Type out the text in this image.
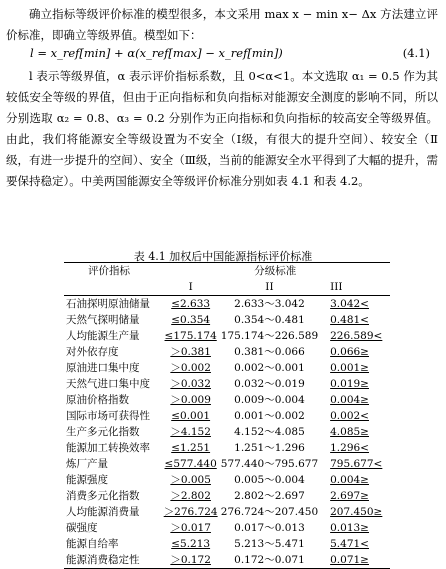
确立指标等级评价标准的模型很多，本文采用 max x − min x− Δx 方法建立评价标准，即确立等级界值。模型如下：
l = x_ref[min] + α(x_ref[max] − x_ref[min])	(4.1)
l 表示等级界值，α 表示评价指标系数，且 0<α<1。本文选取 α₁ = 0.5 作为其较低安全等级的界值，但由于正向指标和负向指标对能源安全测度的影响不同，所以分别选取 α₂ = 0.8、α₃ = 0.2 分别作为正向指标和负向指标的较高安全等级界值。由此，我们将能源安全等级设置为不安全（Ⅰ级，有很大的提升空间）、较安全（Ⅱ级，有进一步提升的空间）、安全（Ⅲ级，当前的能源安全水平得到了大幅的提升，需要保持稳定）。中美两国能源安全等级评价标准分别如表 4.1 和表 4.2。
表 4.1 加权后中国能源指标评价标准
评价指标	分级标准		
	I	II	III
石油探明原油储量	≤2.633	2.633～3.042	3.042<
天然气探明储量	≤0.354	0.354～0.481	0.481<
人均能源生产量	≤175.174	175.174～226.589	226.589<
对外依存度	＞0.381	0.381～0.066	0.066≥
原油进口集中度	＞0.002	0.002～0.001	0.001≥
天然气进口集中度	＞0.032	0.032～0.019	0.019≥
原油价格指数	＞0.009	0.009～0.004	0.004≥
国际市场可获得性	≤0.001	0.001～0.002	0.002<
生产多元化指数	＞4.152	4.152～4.085	4.085≥
能源加工转换效率	≤1.251	1.251～1.296	1.296<
炼厂产量	≤577.440	577.440～795.677	795.677<
能源强度	＞0.005	0.005～0.004	0.004≥
消费多元化指数	＞2.802	2.802～2.697	2.697≥
人均能源消费量	＞276.724	276.724～207.450	207.450≥
碳强度	＞0.017	0.017～0.013	0.013≥
能源自给率	≤5.213	5.213～5.471	5.471<
能源消费稳定性	＞0.172	0.172～0.071	0.071≥
